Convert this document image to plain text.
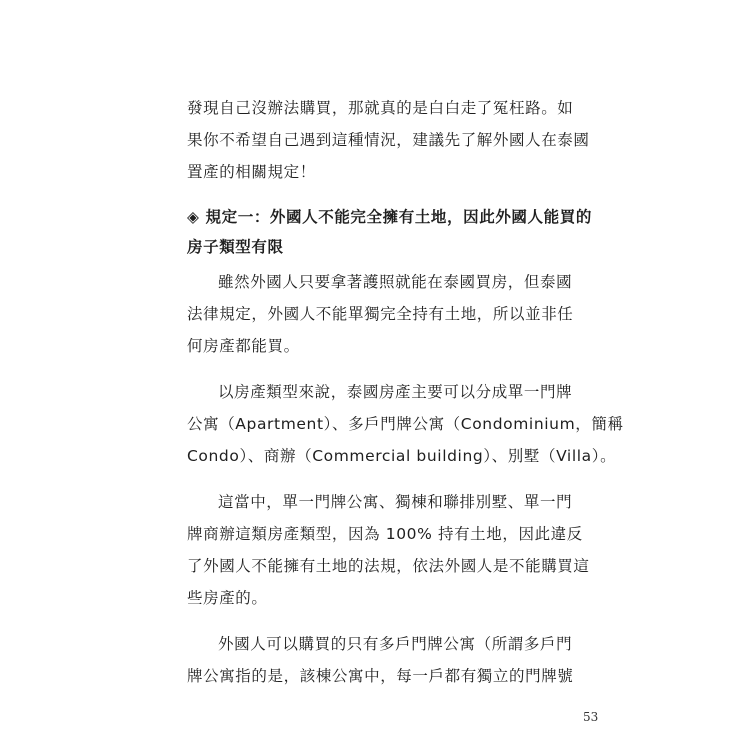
發現自己沒辦法購買，那就真的是白白走了冤枉路。如

果你不希望自己遇到這種情況，建議先了解外國人在泰國

置產的相關規定！

◈ 規定一：外國人不能完全擁有土地，因此外國人能買的

房子類型有限

雖然外國人只要拿著護照就能在泰國買房，但泰國

法律規定，外國人不能單獨完全持有土地，所以並非任

何房產都能買。

以房產類型來說，泰國房產主要可以分成單一門牌

公寓（Apartment）、多戶門牌公寓（Condominium，簡稱

Condo）、商辦（Commercial building）、別墅（Villa）。

這當中，單一門牌公寓、獨棟和聯排別墅、單一門

牌商辦這類房產類型，因為 100% 持有土地，因此違反

了外國人不能擁有土地的法規，依法外國人是不能購買這

些房產的。

外國人可以購買的只有多戶門牌公寓（所謂多戶門

牌公寓指的是，該棟公寓中，每一戶都有獨立的門牌號

53
